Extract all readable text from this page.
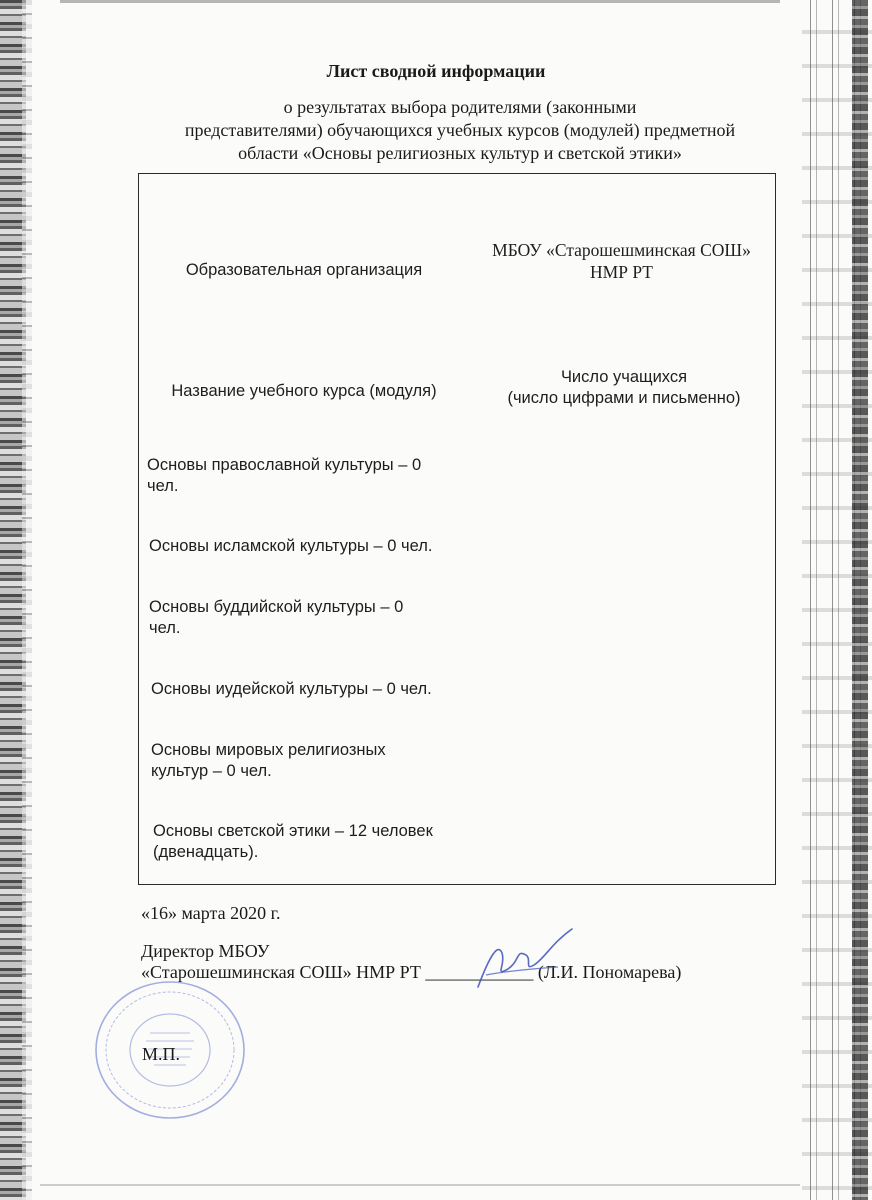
Лист сводной информации
о результатах выбора родителями (законными
представителями) обучающихся учебных курсов (модулей) предметной
области «Основы религиозных культур и светской этики»
Образовательная организация
МБОУ «Старошешминская СОШ»
НМР РТ
Название учебного курса (модуля)
Число учащихся
(число цифрами и письменно)
Основы православной культуры – 0
чел.
Основы исламской культуры – 0 чел.
Основы буддийской культуры – 0
чел.
Основы иудейской культуры – 0 чел.
Основы мировых религиозных
культур – 0 чел.
Основы светской этики – 12 человек
(двенадцать).
«16» марта 2020 г.
Директор МБОУ
«Старошешминская СОШ» НМР РТ ____________ (Л.И. Пономарева)
М.П.
